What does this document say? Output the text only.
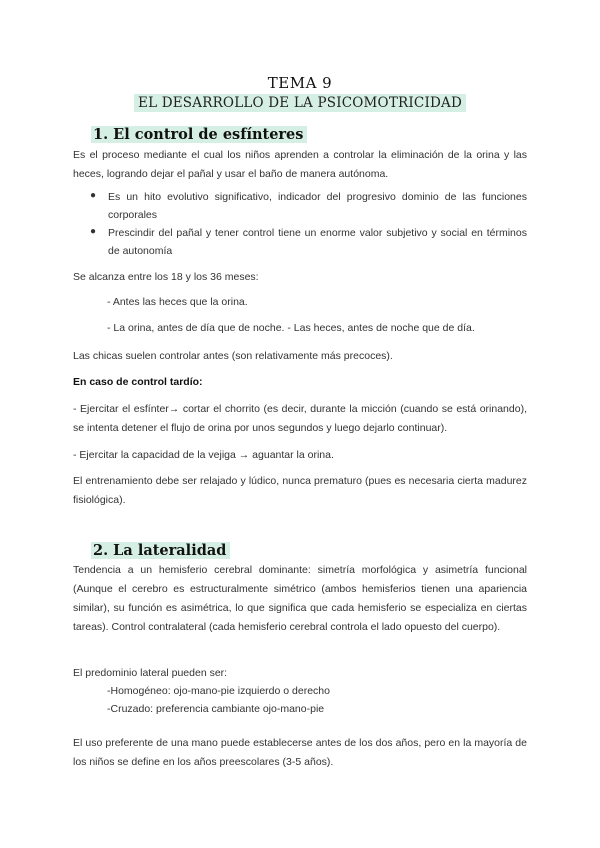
TEMA 9
EL DESARROLLO DE LA PSICOMOTRICIDAD
1. El control de esfínteres
Es el proceso mediante el cual los niños aprenden a controlar la eliminación de la orina y las heces, logrando dejar el pañal y usar el baño de manera autónoma.
● Es un hito evolutivo significativo, indicador del progresivo dominio de las funciones corporales
● Prescindir del pañal y tener control tiene un enorme valor subjetivo y social en términos de autonomía
Se alcanza entre los 18 y los 36 meses:
- Antes las heces que la orina.
- La orina, antes de día que de noche. - Las heces, antes de noche que de día.
Las chicas suelen controlar antes (son relativamente más precoces).
En caso de control tardío:
- Ejercitar el esfínter→ cortar el chorrito (es decir, durante la micción (cuando se está orinando), se intenta detener el flujo de orina por unos segundos y luego dejarlo continuar).
- Ejercitar la capacidad de la vejiga → aguantar la orina.
El entrenamiento debe ser relajado y lúdico, nunca prematuro (pues es necesaria cierta madurez fisiológica).
2. La lateralidad
Tendencia a un hemisferio cerebral dominante: simetría morfológica y asimetría funcional (Aunque el cerebro es estructuralmente simétrico (ambos hemisferios tienen una apariencia similar), su función es asimétrica, lo que significa que cada hemisferio se especializa en ciertas tareas). Control contralateral (cada hemisferio cerebral controla el lado opuesto del cuerpo).
El predominio lateral pueden ser:
-Homogéneo: ojo-mano-pie izquierdo o derecho
-Cruzado: preferencia cambiante ojo-mano-pie
El uso preferente de una mano puede establecerse antes de los dos años, pero en la mayoría de los niños se define en los años preescolares (3-5 años).
